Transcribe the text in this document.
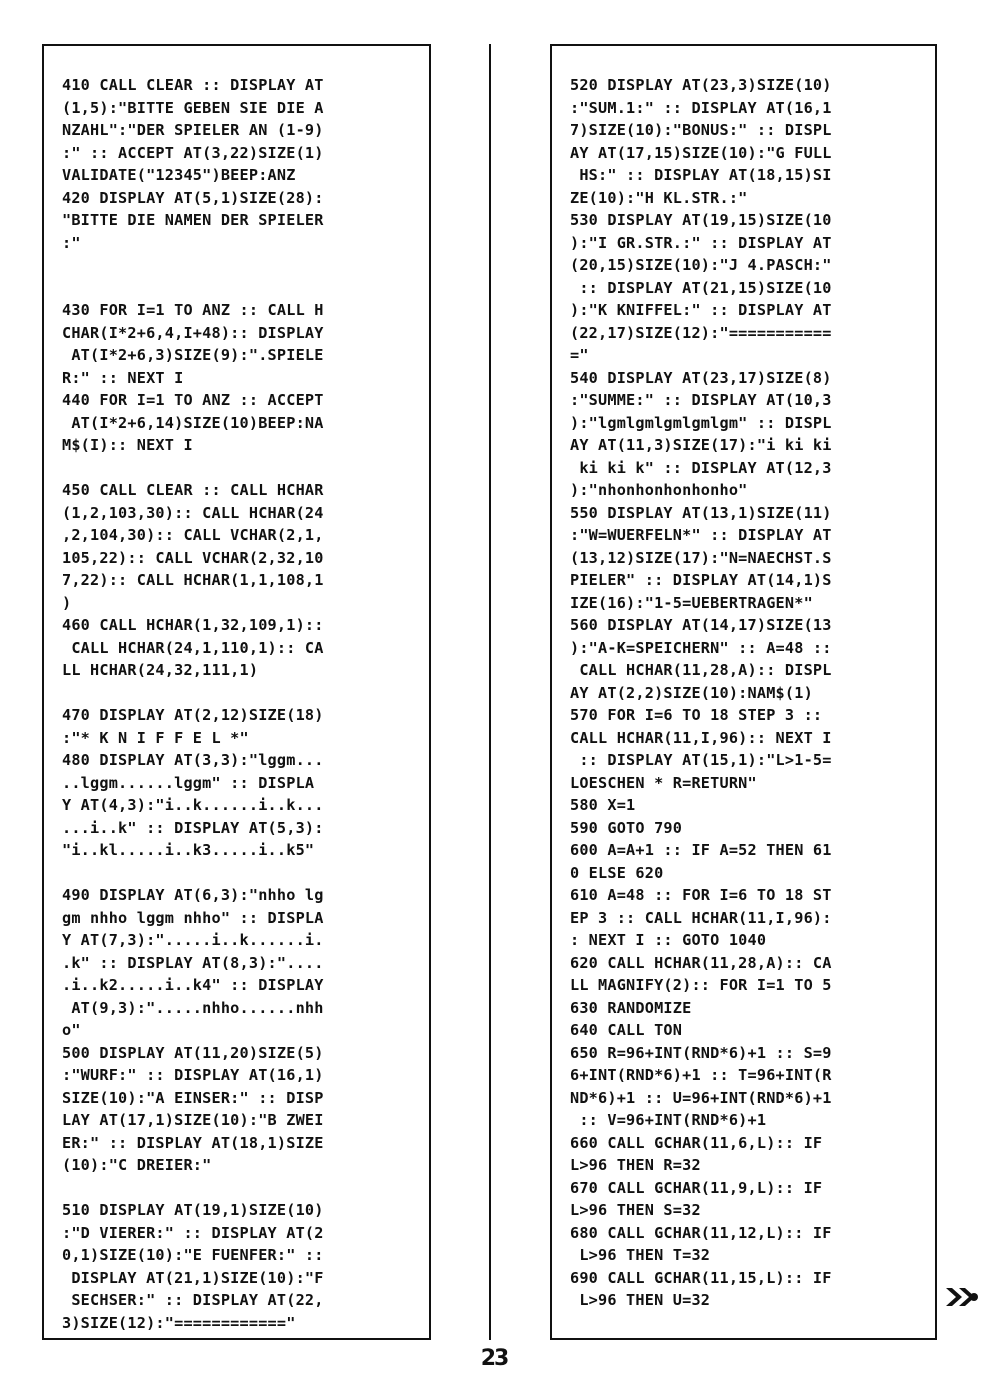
410 CALL CLEAR :: DISPLAY AT
(1,5):"BITTE GEBEN SIE DIE A
NZAHL":"DER SPIELER AN (1-9)
:" :: ACCEPT AT(3,22)SIZE(1)
VALIDATE("12345")BEEP:ANZ
420 DISPLAY AT(5,1)SIZE(28):
"BITTE DIE NAMEN DER SPIELER
:"
430 FOR I=1 TO ANZ :: CALL H
CHAR(I*2+6,4,I+48):: DISPLAY
AT(I*2+6,3)SIZE(9):".SPIELE
R:" :: NEXT I
440 FOR I=1 TO ANZ :: ACCEPT
AT(I*2+6,14)SIZE(10)BEEP:NA
M$(I):: NEXT I
450 CALL CLEAR :: CALL HCHAR
(1,2,103,30):: CALL HCHAR(24
,2,104,30):: CALL VCHAR(2,1,
105,22):: CALL VCHAR(2,32,10
7,22):: CALL HCHAR(1,1,108,1
)
460 CALL HCHAR(1,32,109,1)::
CALL HCHAR(24,1,110,1):: CA
LL HCHAR(24,32,111,1)
470 DISPLAY AT(2,12)SIZE(18)
:"* K N I F F E L *"
480 DISPLAY AT(3,3):"lggm...
..lggm......lggm" :: DISPLA
Y AT(4,3):"i..k......i..k...
...i..k" :: DISPLAY AT(5,3):
"i..kl.....i..k3.....i..k5"
490 DISPLAY AT(6,3):"nhho lg
gm nhho lggm nhho" :: DISPLA
Y AT(7,3):".....i..k......i.
.k" :: DISPLAY AT(8,3):"....
.i..k2.....i..k4" :: DISPLAY
AT(9,3):".....nhho......nhh
o"
500 DISPLAY AT(11,20)SIZE(5)
:"WURF:" :: DISPLAY AT(16,1)
SIZE(10):"A EINSER:" :: DISP
LAY AT(17,1)SIZE(10):"B ZWEI
ER:" :: DISPLAY AT(18,1)SIZE
(10):"C DREIER:"
510 DISPLAY AT(19,1)SIZE(10)
:"D VIERER:" :: DISPLAY AT(2
0,1)SIZE(10):"E FUENFER:" ::
DISPLAY AT(21,1)SIZE(10):"F
SECHSER:" :: DISPLAY AT(22,
3)SIZE(12):"============"
520 DISPLAY AT(23,3)SIZE(10)
:"SUM.1:" :: DISPLAY AT(16,1
7)SIZE(10):"BONUS:" :: DISPL
AY AT(17,15)SIZE(10):"G FULL
HS:" :: DISPLAY AT(18,15)SI
ZE(10):"H KL.STR.:"
530 DISPLAY AT(19,15)SIZE(10
):"I GR.STR.:" :: DISPLAY AT
(20,15)SIZE(10):"J 4.PASCH:"
:: DISPLAY AT(21,15)SIZE(10
):"K KNIFFEL:" :: DISPLAY AT
(22,17)SIZE(12):"===========
="
540 DISPLAY AT(23,17)SIZE(8)
:"SUMME:" :: DISPLAY AT(10,3
):"lgmlgmlgmlgmlgm" :: DISPL
AY AT(11,3)SIZE(17):"i ki ki
ki ki k" :: DISPLAY AT(12,3
):"nhonhonhonhonho"
550 DISPLAY AT(13,1)SIZE(11)
:"W=WUERFELN*" :: DISPLAY AT
(13,12)SIZE(17):"N=NAECHST.S
PIELER" :: DISPLAY AT(14,1)S
IZE(16):"1-5=UEBERTRAGEN*"
560 DISPLAY AT(14,17)SIZE(13
):"A-K=SPEICHERN" :: A=48 ::
CALL HCHAR(11,28,A):: DISPL
AY AT(2,2)SIZE(10):NAM$(1)
570 FOR I=6 TO 18 STEP 3 ::
CALL HCHAR(11,I,96):: NEXT I
:: DISPLAY AT(15,1):"L>1-5=
LOESCHEN * R=RETURN"
580 X=1
590 GOTO 790
600 A=A+1 :: IF A=52 THEN 61
0 ELSE 620
610 A=48 :: FOR I=6 TO 18 ST
EP 3 :: CALL HCHAR(11,I,96):
: NEXT I :: GOTO 1040
620 CALL HCHAR(11,28,A):: CA
LL MAGNIFY(2):: FOR I=1 TO 5
630 RANDOMIZE
640 CALL TON
650 R=96+INT(RND*6)+1 :: S=9
6+INT(RND*6)+1 :: T=96+INT(R
ND*6)+1 :: U=96+INT(RND*6)+1
:: V=96+INT(RND*6)+1
660 CALL GCHAR(11,6,L):: IF
L>96 THEN R=32
670 CALL GCHAR(11,9,L):: IF
L>96 THEN S=32
680 CALL GCHAR(11,12,L):: IF
L>96 THEN T=32
690 CALL GCHAR(11,15,L):: IF
L>96 THEN U=32
23
